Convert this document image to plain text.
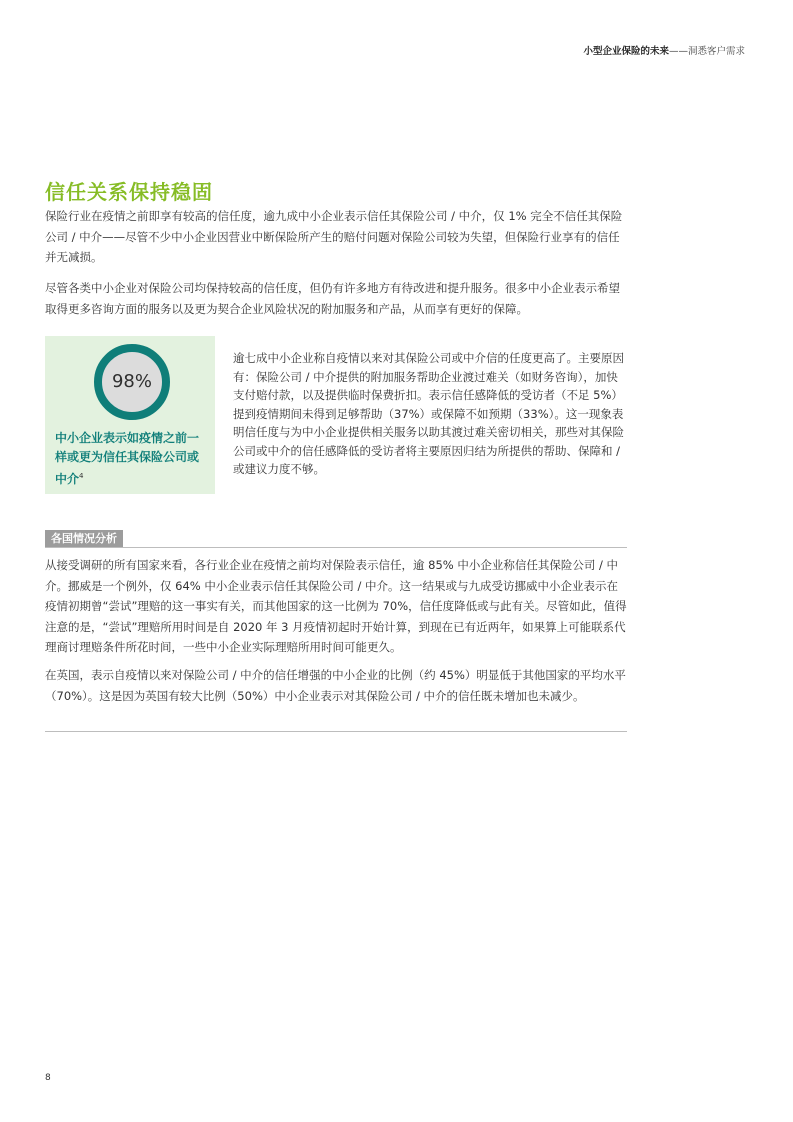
小型企业保险的未来——洞悉客户需求
信任关系保持稳固

保险行业在疫情之前即享有较高的信任度，逾九成中小企业表示信任其保险公司 / 中介，仅 1% 完全不信任其保险公司 / 中介——尽管不少中小企业因营业中断保险所产生的赔付问题对保险公司较为失望，但保险行业享有的信任并无减损。

尽管各类中小企业对保险公司均保持较高的信任度，但仍有许多地方有待改进和提升服务。很多中小企业表示希望取得更多咨询方面的服务以及更为契合企业风险状况的附加服务和产品，从而享有更好的保障。

98%
中小企业表示如疫情之前一样或更为信任其保险公司或中介$^4$

逾七成中小企业称自疫情以来对其保险公司或中介信的任度更高了。主要原因有：保险公司 / 中介提供的附加服务帮助企业渡过难关（如财务咨询），加快支付赔付款，以及提供临时保费折扣。表示信任感降低的受访者（不足 5%）提到疫情期间未得到足够帮助（37%）或保障不如预期（33%）。这一现象表明信任度与为中小企业提供相关服务以助其渡过难关密切相关，那些对其保险公司或中介的信任感降低的受访者将主要原因归结为所提供的帮助、保障和 / 或建议力度不够。

各国情况分析

从接受调研的所有国家来看，各行业企业在疫情之前均对保险表示信任，逾 85% 中小企业称信任其保险公司 / 中介。挪威是一个例外，仅 64% 中小企业表示信任其保险公司 / 中介。这一结果或与九成受访挪威中小企业表示在疫情初期曾“尝试”理赔的这一事实有关，而其他国家的这一比例为 70%，信任度降低或与此有关。尽管如此，值得注意的是，“尝试”理赔所用时间是自 2020 年 3 月疫情初起时开始计算，到现在已有近两年，如果算上可能联系代理商讨理赔条件所花时间，一些中小企业实际理赔所用时间可能更久。

在英国，表示自疫情以来对保险公司 / 中介的信任增强的中小企业的比例（约 45%）明显低于其他国家的平均水平（70%）。这是因为英国有较大比例（50%）中小企业表示对其保险公司 / 中介的信任既未增加也未减少。

8
